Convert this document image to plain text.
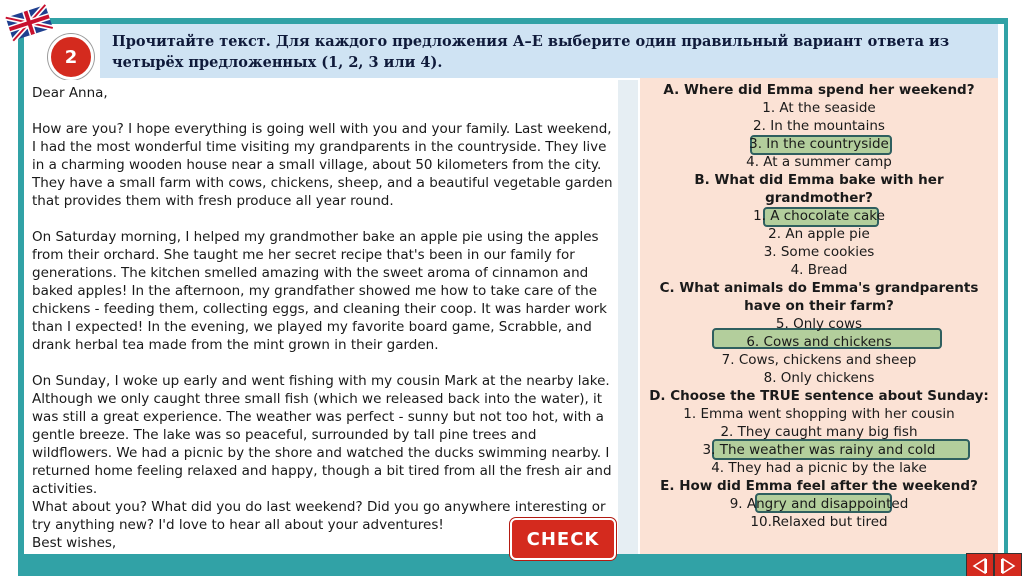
Прочитайте текст. Для каждого предложения А–Е выберите один правильный вариант ответа из четырёх предложенных (1, 2, 3 или 4).
2
Dear Anna,

How are you? I hope everything is going well with you and your family. Last weekend, I had the most wonderful time visiting my grandparents in the countryside. They live in a charming wooden house near a small village, about 50 kilometers from the city. They have a small farm with cows, chickens, sheep, and a beautiful vegetable garden that provides them with fresh produce all year round.

On Saturday morning, I helped my grandmother bake an apple pie using the apples from their orchard. She taught me her secret recipe that's been in our family for generations. The kitchen smelled amazing with the sweet aroma of cinnamon and baked apples! In the afternoon, my grandfather showed me how to take care of the chickens - feeding them, collecting eggs, and cleaning their coop. It was harder work than I expected! In the evening, we played my favorite board game, Scrabble, and drank herbal tea made from the mint grown in their garden.

On Sunday, I woke up early and went fishing with my cousin Mark at the nearby lake. Although we only caught three small fish (which we released back into the water), it was still a great experience. The weather was perfect - sunny but not too hot, with a gentle breeze. The lake was so peaceful, surrounded by tall pine trees and wildflowers. We had a picnic by the shore and watched the ducks swimming nearby. I returned home feeling relaxed and happy, though a bit tired from all the fresh air and activities.
What about you? What did you do last weekend? Did you go anywhere interesting or try anything new? I'd love to hear all about your adventures!
Best wishes,
A. Where did Emma spend her weekend?
1. At the seaside
2. In the mountains
3. In the countryside
4. At a summer camp
B. What did Emma bake with her grandmother?
1. A chocolate cake
2. An apple pie
3. Some cookies
4. Bread
C. What animals do Emma's grandparents have on their farm?
5. Only cows
6. Cows and chickens
7. Cows, chickens and sheep
8. Only chickens
D. Choose the TRUE sentence about Sunday:
1. Emma went shopping with her cousin
2. They caught many big fish
3. The weather was rainy and cold
4. They had a picnic by the lake
E. How did Emma feel after the weekend?
9. Angry and disappointed
10.Relaxed but tired
CHECK
